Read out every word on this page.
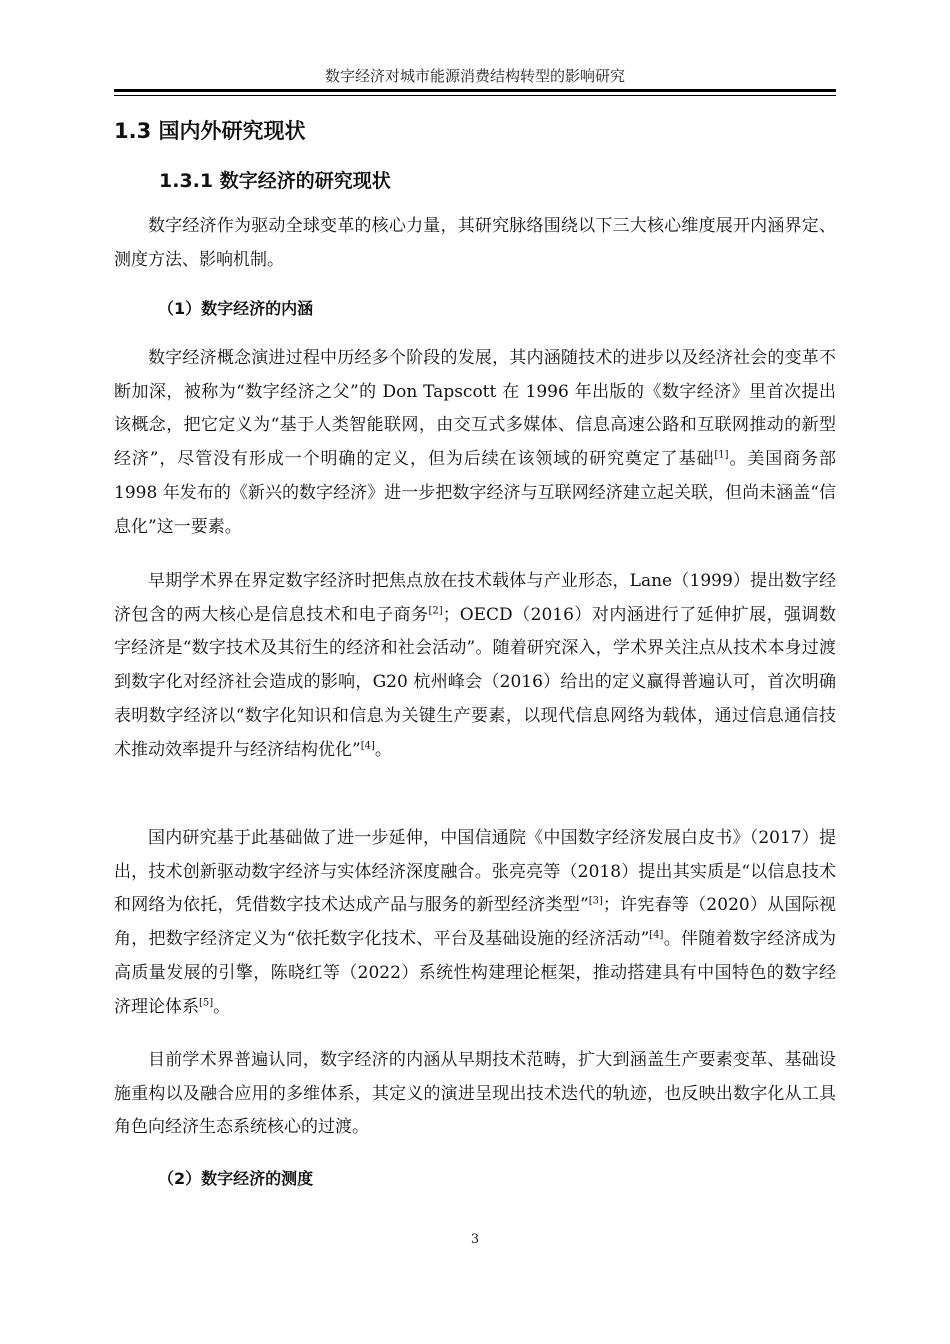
数字经济对城市能源消费结构转型的影响研究
1.3 国内外研究现状
1.3.1 数字经济的研究现状
数字经济作为驱动全球变革的核心力量，其研究脉络围绕以下三大核心维度展开内涵界定、测度方法、影响机制。
（1）数字经济的内涵
数字经济概念演进过程中历经多个阶段的发展，其内涵随技术的进步以及经济社会的变革不断加深，被称为“数字经济之父”的 Don Tapscott 在 1996 年出版的《数字经济》里首次提出该概念，把它定义为“基于人类智能联网，由交互式多媒体、信息高速公路和互联网推动的新型经济”，尽管没有形成一个明确的定义，但为后续在该领域的研究奠定了基础[1]。美国商务部 1998 年发布的《新兴的数字经济》进一步把数字经济与互联网经济建立起关联，但尚未涵盖“信息化”这一要素。
早期学术界在界定数字经济时把焦点放在技术载体与产业形态，Lane（1999）提出数字经济包含的两大核心是信息技术和电子商务[2]；OECD（2016）对内涵进行了延伸扩展，强调数字经济是“数字技术及其衍生的经济和社会活动”。随着研究深入，学术界关注点从技术本身过渡到数字化对经济社会造成的影响，G20 杭州峰会（2016）给出的定义赢得普遍认可，首次明确表明数字经济以“数字化知识和信息为关键生产要素，以现代信息网络为载体，通过信息通信技术推动效率提升与经济结构优化”[4]。
国内研究基于此基础做了进一步延伸，中国信通院《中国数字经济发展白皮书》（2017）提出，技术创新驱动数字经济与实体经济深度融合。张亮亮等（2018）提出其实质是“以信息技术和网络为依托，凭借数字技术达成产品与服务的新型经济类型”[3]；许宪春等（2020）从国际视角，把数字经济定义为“依托数字化技术、平台及基础设施的经济活动”[4]。伴随着数字经济成为高质量发展的引擎，陈晓红等（2022）系统性构建理论框架，推动搭建具有中国特色的数字经济理论体系[5]。
目前学术界普遍认同，数字经济的内涵从早期技术范畴，扩大到涵盖生产要素变革、基础设施重构以及融合应用的多维体系，其定义的演进呈现出技术迭代的轨迹，也反映出数字化从工具角色向经济生态系统核心的过渡。
（2）数字经济的测度
3
